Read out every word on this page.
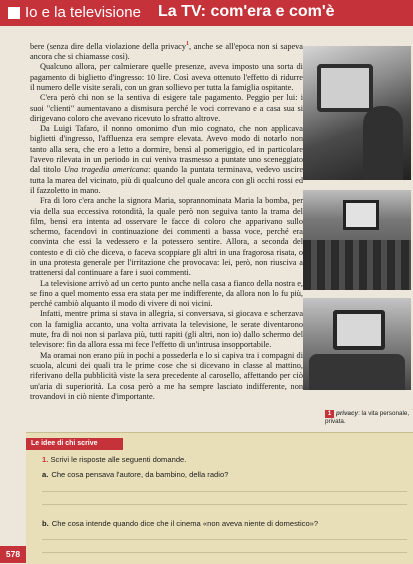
Io e la televisione La TV: com'era e com'è

bere (senza dire della violazione della privacy$^1$, anche se all'epoca non si sapeva ancora che si chiamasse così).

Qualcuno allora, per calmierare quelle presenze, aveva imposto una sorta di pagamento di biglietto d'ingresso: 10 lire. Così aveva ottenuto l'effetto di ridurre il numero delle visite serali, con un gran sollievo per tutta la famiglia ospitante.

C'era però chi non se la sentiva di esigere tale pagamento. Peggio per lui: i suoi "clienti" aumentavano a dismisura perché le voci correvano e a casa sua si dirigevano coloro che avevano ricevuto lo sfratto altrove.

Da Luigi Tafaro, il nonno omonimo d'un mio cognato, che non applicava biglietti d'ingresso, l'affluenza era sempre elevata. Avevo modo di notarlo non tanto alla sera, che ero a letto a dormire, bensì al pomeriggio, ed in particolare l'avevo rilevata in un periodo in cui veniva trasmesso a puntate uno sceneggiato dal titolo Una tragedia americana: quando la puntata terminava, vedevo uscire tutta la marea del vicinato, più di qualcuno del quale ancora con gli occhi rossi ed il fazzoletto in mano.

Fra di loro c'era anche la signora Maria, soprannominata Maria la bomba, per via della sua eccessiva rotondità, la quale però non seguiva tanto la trama del film, bensì era intenta ad osservare le facce di coloro che apparivano sullo schermo, facendovi in continuazione dei commenti a bassa voce, perché era convinta che essi la vedessero e la potessero sentire. Allora, a seconda del contesto e di ciò che diceva, o faceva scoppiare gli altri in una fragorosa risata, o in una protesta generale per l'irritazione che provocava: lei, però, non riusciva a trattenersi dal continuare a fare i suoi commenti.

La televisione arrivò ad un certo punto anche nella casa a fianco della nostra e, se fino a quel momento essa era stata per me indifferente, da allora non lo fu più, perché cambiò alquanto il modo di vivere di noi vicini.

Infatti, mentre prima si stava in allegria, si conversava, si giocava e scherzava con la famiglia accanto, una volta arrivata la televisione, le serate diventarono mute, fra di noi non si parlava più, tutti rapiti (gli altri, non io) dallo schermo del televisore: fin da allora essa mi fece l'effetto di un'intrusa insopportabile.

Ma oramai non erano più in pochi a possederla e lo si capiva tra i compagni di scuola, alcuni dei quali tra le prime cose che si dicevano in classe al mattino, riferivano della pubblicità viste la sera precedente al carosello, affettando per ciò un'aria di superiorità. La cosa però a me ha sempre lasciato indifferente, non trovandovi in ciò niente d'importante.

1 privacy: la vita personale, privata.
Le idee di chi scrive
1. Scrivi le risposte alle seguenti domande.
a. Che cosa pensava l'autore, da bambino, della radio?
b. Che cosa intende quando dice che il cinema «non aveva niente di domestico»?
578
